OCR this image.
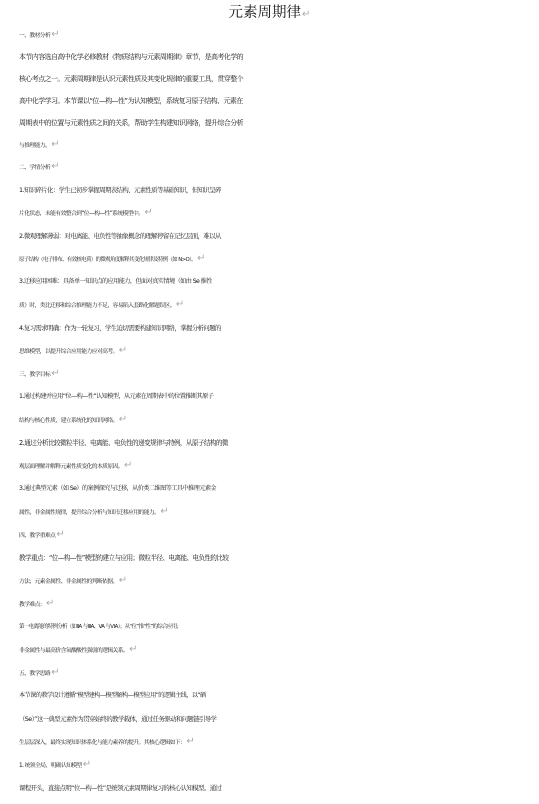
元素周期律↵
一、教材分析↵
本节内容选自高中化学必修教材《物质结构与元素周期律》章节，是高考化学的
核心考点之一。元素周期律是认识元素性质及其变化规律的重要工具，贯穿整个
高中化学学习。本节课以“位—构—性”为认知模型，系统复习原子结构、元素在
周期表中的位置与元素性质之间的关系，帮助学生构建知识网络，提升综合分析
与推理能力。↵
二、学情分析↵
1.知识碎片化：学生已初步掌握周期表结构、元素性质等基础知识，但知识呈碎
片化状态，未能有效整合到“位—构—性”系统模型中。↵
2.微观理解薄弱：对电离能、电负性等抽象概念的理解停留在记忆层面，难以从
原子结构（电子排布、有效核电荷）的微观角度解释其变化规律及特例（如 N>O）。↵
3.迁移应用困难：具备单一知识点的应用能力，但面对真实情境（如由 Se 推性
质）时，类比迁移和综合推理能力不足，容易陷入套路化解题误区。↵
4.复习需求明确：作为一轮复习，学生迫切需要构建知识网络，掌握分析问题的
思维模型，以提升综合应用能力应对高考。↵
三、教学目标↵
1.通过构建并应用“位—构—性”认知模型，从元素在周期表中的位置推断其原子
结构与核心性质，建立系统化的知识网络。↵
2.通过分析比较微粒半径、电离能、电负性的递变规律与特例，从原子结构的微
观层面理解并解释元素性质变化的本质原因。↵
3.通过典型元素（如 Se）的案例探究与迁移，从价类二维图等工具中推理元素金
属性、非金属性规律，提升综合分析与知识迁移应用的能力。↵
四、教学重难点↵
教学重点：“位—构—性”模型的建立与应用；微粒半径、电离能、电负性的比较
方法；元素金属性、非金属性的判断依据。↵
教学难点：↵
第一电离能的特例分析（如ⅡA 与ⅢA、VA 与ⅥA）；从“位”推“性”的综合应用；
非金属性与最高价含氧酸酸性强弱的逻辑关系。↵
五、教学思路↵
本节课的教学设计遵循“模型建构—模型解构—模型应用”的逻辑主线，以“硒
（Se）”这一典型元素作为贯穿始终的教学载体，通过任务驱动和问题链引导学
生层层深入，最终实现知识体系化与能力素养的提升。其核心逻辑如下：↵
1. 统领全局，明确认知模型↵
课程开头，直接点明“位—构—性”是统领元素周期律复习的核心认知模型。通过
